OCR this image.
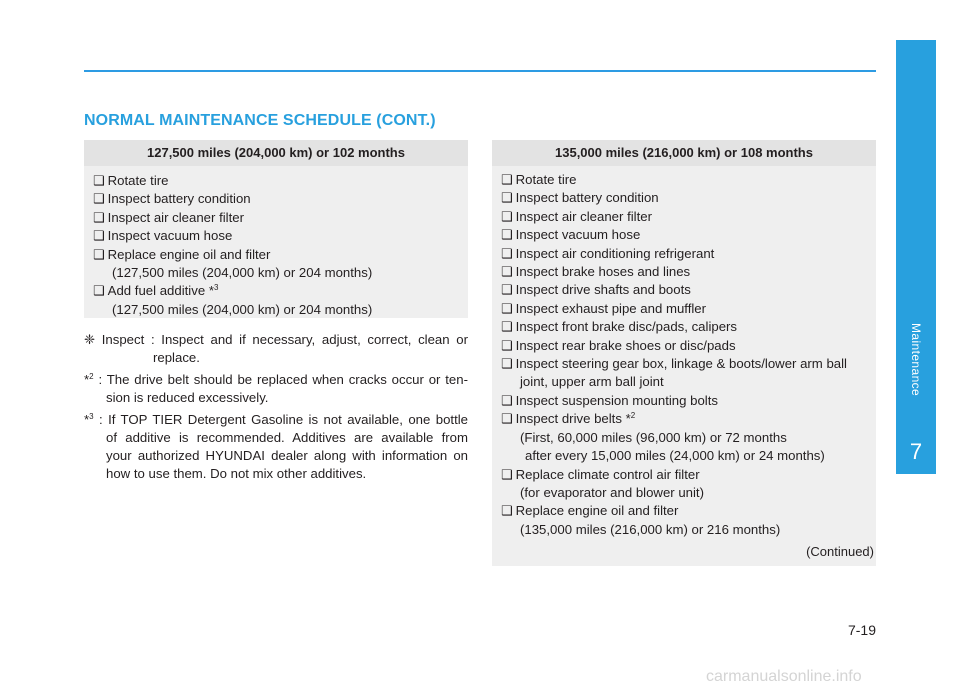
NORMAL MAINTENANCE SCHEDULE (CONT.)
127,500 miles (204,000 km) or 102 months
❑ Rotate tire
❑ Inspect battery condition
❑ Inspect air cleaner filter
❑ Inspect vacuum hose
❑ Replace engine oil and filter
(127,500 miles (204,000 km) or 204 months)
❑ Add fuel additive *$^3$
(127,500 miles (204,000 km) or 204 months)
❈ Inspect : Inspect and if necessary, adjust, correct, clean or
replace.
*$^2$ : The drive belt should be replaced when cracks occur or ten-
sion is reduced excessively.
*$^3$ : If TOP TIER Detergent Gasoline is not available, one bottle
of additive is recommended. Additives are available from
your authorized HYUNDAI dealer along with information on
how to use them. Do not mix other additives.
135,000 miles (216,000 km) or 108 months
❑ Rotate tire
❑ Inspect battery condition
❑ Inspect air cleaner filter
❑ Inspect vacuum hose
❑ Inspect air conditioning refrigerant
❑ Inspect brake hoses and lines
❑ Inspect drive shafts and boots
❑ Inspect exhaust pipe and muffler
❑ Inspect front brake disc/pads, calipers
❑ Inspect rear brake shoes or disc/pads
❑ Inspect steering gear box, linkage & boots/lower arm ball
joint, upper arm ball joint
❑ Inspect suspension mounting bolts
❑ Inspect drive belts *$^2$
(First, 60,000 miles (96,000 km) or 72 months
after every 15,000 miles (24,000 km) or 24 months)
❑ Replace climate control air filter
(for evaporator and blower unit)
❑ Replace engine oil and filter
(135,000 miles (216,000 km) or 216 months)
(Continued)
Maintenance
7
7-19
carmanualsonline.info
